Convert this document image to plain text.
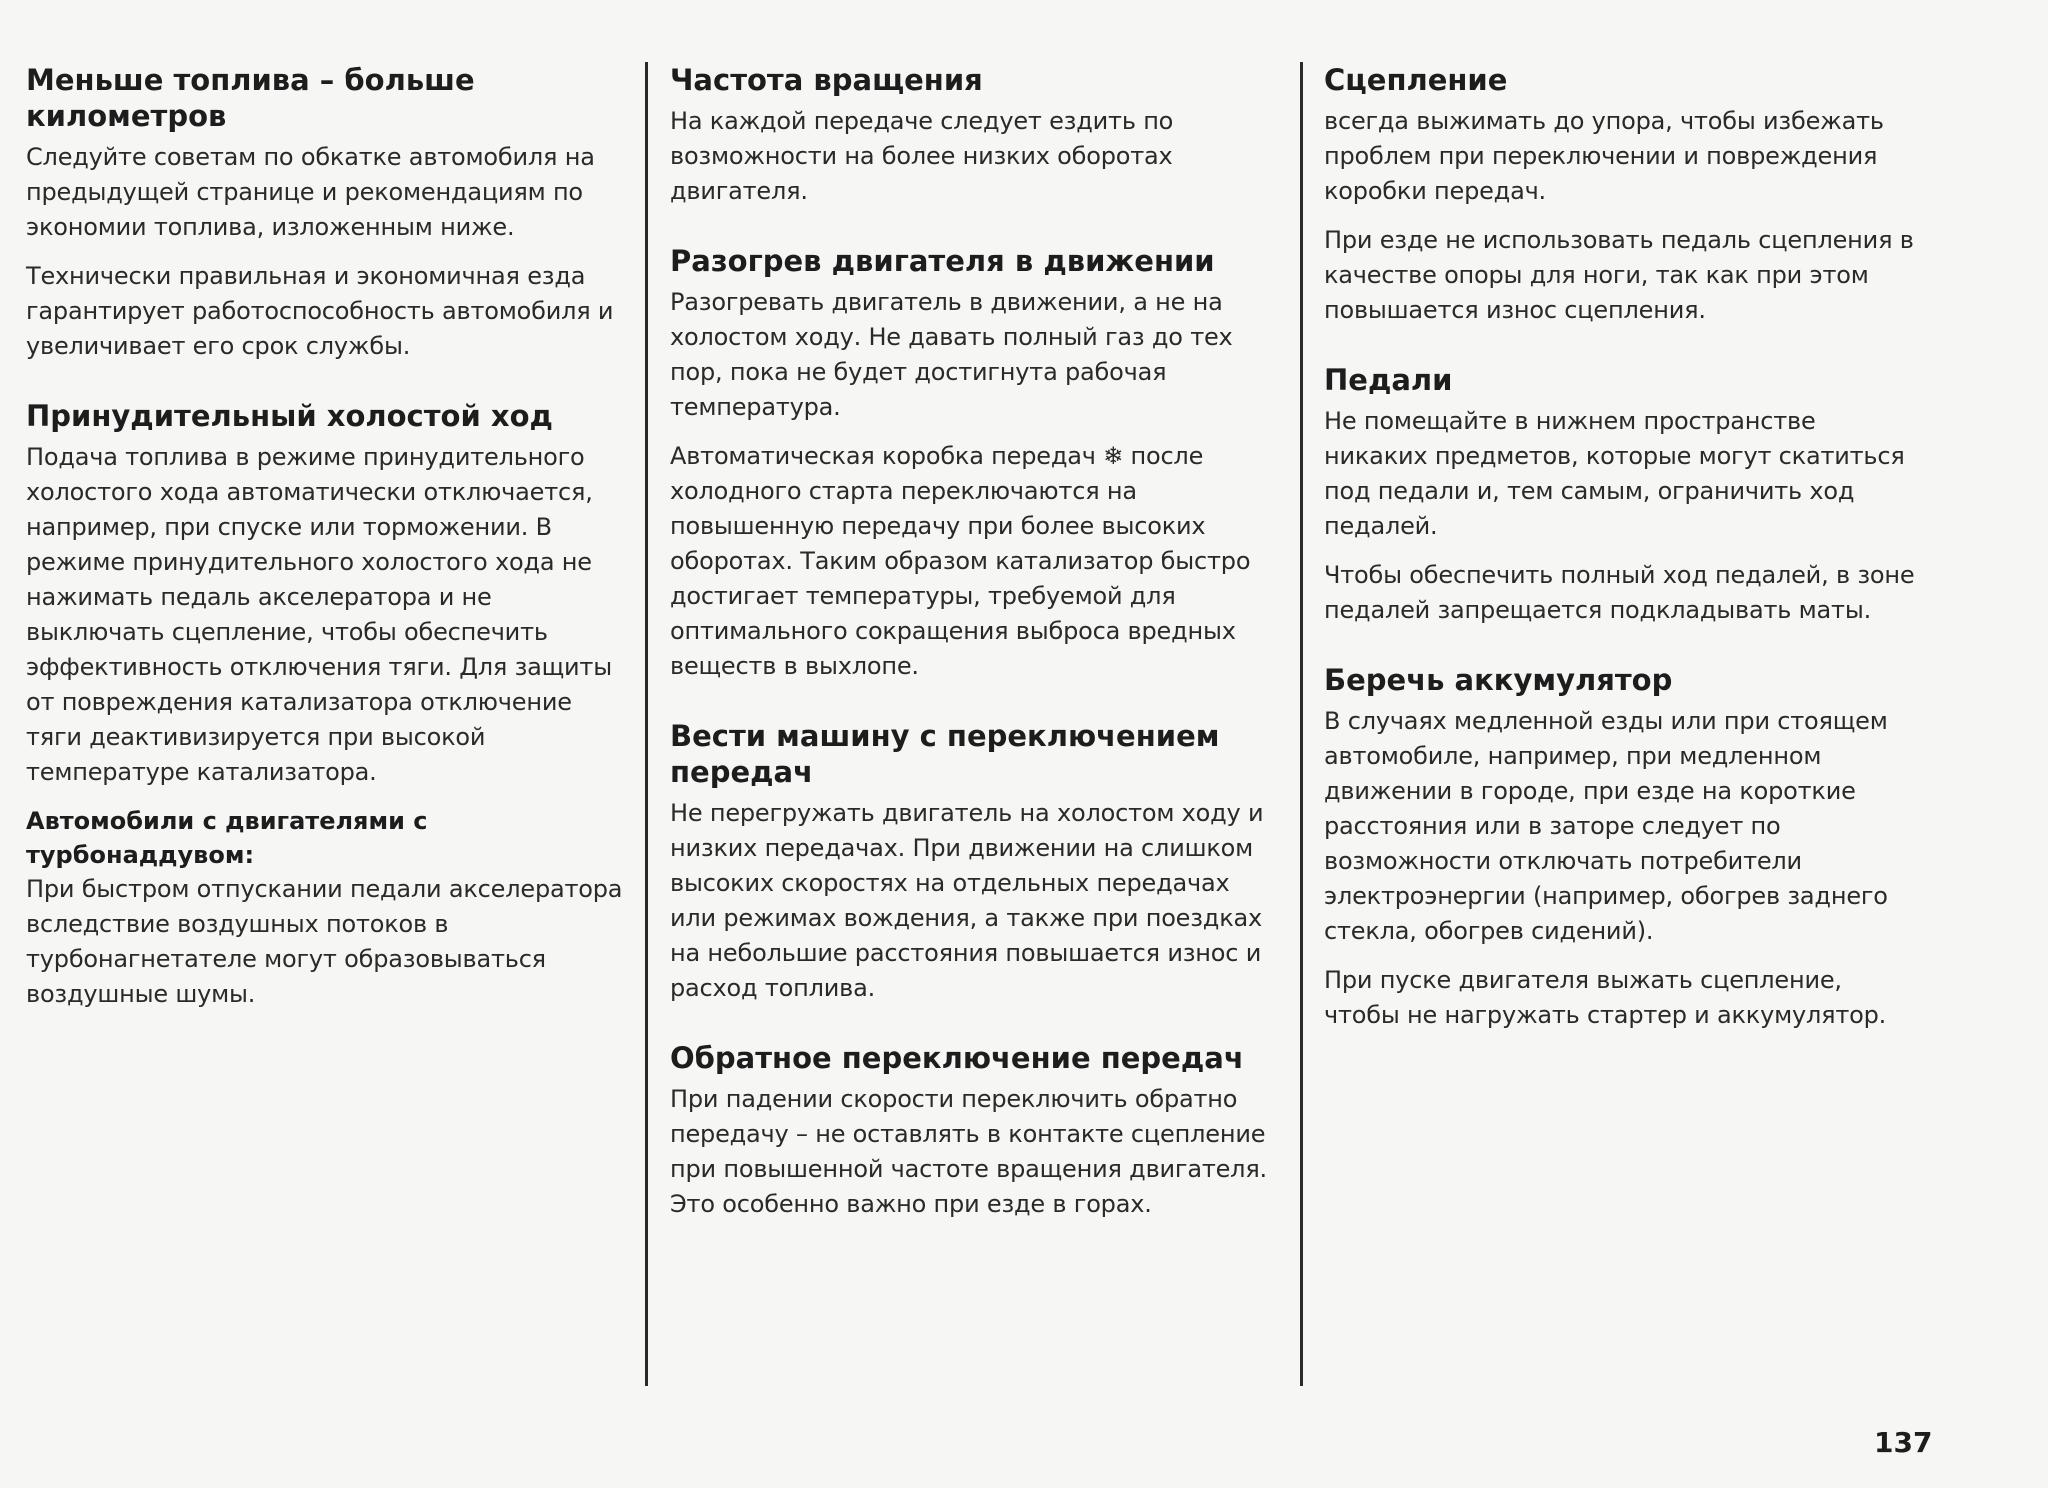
Меньше топлива – больше километров

Следуйте советам по обкатке автомобиля на предыдущей странице и рекомендациям по экономии топлива, изложенным ниже.

Технически правильная и экономичная езда гарантирует работоспособность автомобиля и увеличивает его срок службы.

Принудительный холостой ход

Подача топлива в режиме принудительного холостого хода автоматически отключается, например, при спуске или торможении. В режиме принудительного холостого хода не нажимать педаль акселератора и не выключать сцепление, чтобы обеспечить эффективность отключения тяги. Для защиты от повреждения катализатора отключение тяги деактивизируется при высокой температуре катализатора.

Автомобили с двигателями с турбонаддувом:

При быстром отпускании педали акселератора вследствие воздушных потоков в турбонагнетателе могут образовываться воздушные шумы.

Частота вращения

На каждой передаче следует ездить по возможности на более низких оборотах двигателя.

Разогрев двигателя в движении

Разогревать двигатель в движении, а не на холостом ходу. Не давать полный газ до тех пор, пока не будет достигнута рабочая температура.

Автоматическая коробка передач ❄ после холодного старта переключаются на повышенную передачу при более высоких оборотах. Таким образом катализатор быстро достигает температуры, требуемой для оптимального сокращения выброса вредных веществ в выхлопе.

Вести машину с переключением передач

Не перегружать двигатель на холостом ходу и низких передачах. При движении на слишком высоких скоростях на отдельных передачах или режимах вождения, а также при поездках на небольшие расстояния повышается износ и расход топлива.

Обратное переключение передач

При падении скорости переключить обратно передачу – не оставлять в контакте сцепление при повышенной частоте вращения двигателя. Это особенно важно при езде в горах.

Сцепление

всегда выжимать до упора, чтобы избежать проблем при переключении и повреждения коробки передач.

При езде не использовать педаль сцепления в качестве опоры для ноги, так как при этом повышается износ сцепления.

Педали

Не помещайте в нижнем пространстве никаких предметов, которые могут скатиться под педали и, тем самым, ограничить ход педалей.

Чтобы обеспечить полный ход педалей, в зоне педалей запрещается подкладывать маты.

Беречь аккумулятор

В случаях медленной езды или при стоящем автомобиле, например, при медленном движении в городе, при езде на короткие расстояния или в заторе следует по возможности отключать потребители электроэнергии (например, обогрев заднего стекла, обогрев сидений).

При пуске двигателя выжать сцепление, чтобы не нагружать стартер и аккумулятор.

137
